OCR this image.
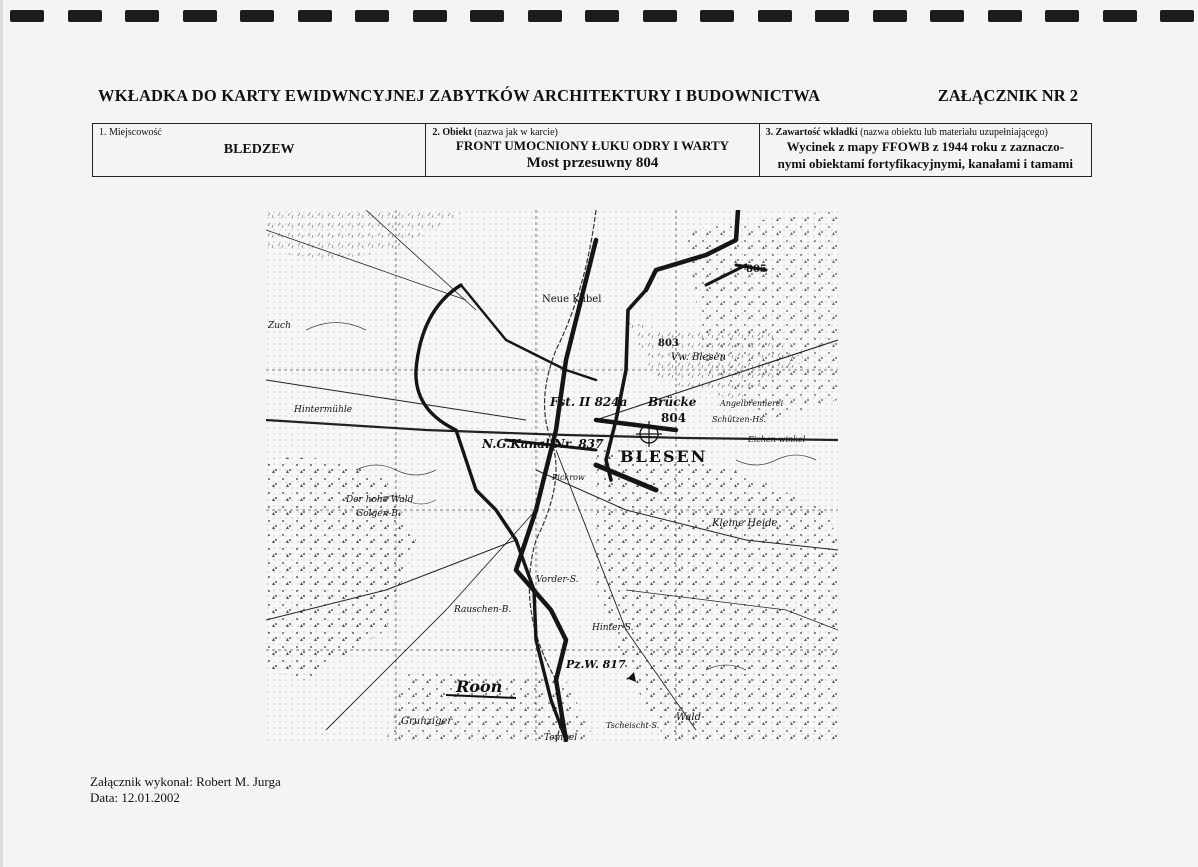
WKŁADKA DO KARTY EWIDWNCYJNEJ ZABYTKÓW ARCHITEKTURY I BUDOWNICTWA	ZAŁĄCZNIK NR 2
1. Miejscowość
BLEDZEW
2. Obiekt (nazwa jak w karcie)
FRONT UMOCNIONY ŁUKU ODRY I WARTY
Most przesuwny 804
3. Zawartość wkładki (nazwa obiektu lub materiału uzupełniającego)
Wycinek z mapy FFOWB z 1944 roku z zaznaczo-
nymi obiektami fortyfikacyjnymi, kanałami i tamami
Neue Kubel
Vw. Blesen
Hintermühle
Brücke
804
Fst. II 824a
N.G.Kanal Nr. 837
BLESEN
Kleine Heide
Roon
Tempel
805
803
Pz.W. 817
Zuch
Tscheischt-S.
Grunziger	Wald
Hinter-S.
Rauschen-B.
Vorder-S.
Der hohe Wald
Golgen-B.
Pickrow
Eichen-winkel
Schützen-Hs.
Angelbrennerei
Załącznik wykonał: Robert M. Jurga
Data: 12.01.2002
